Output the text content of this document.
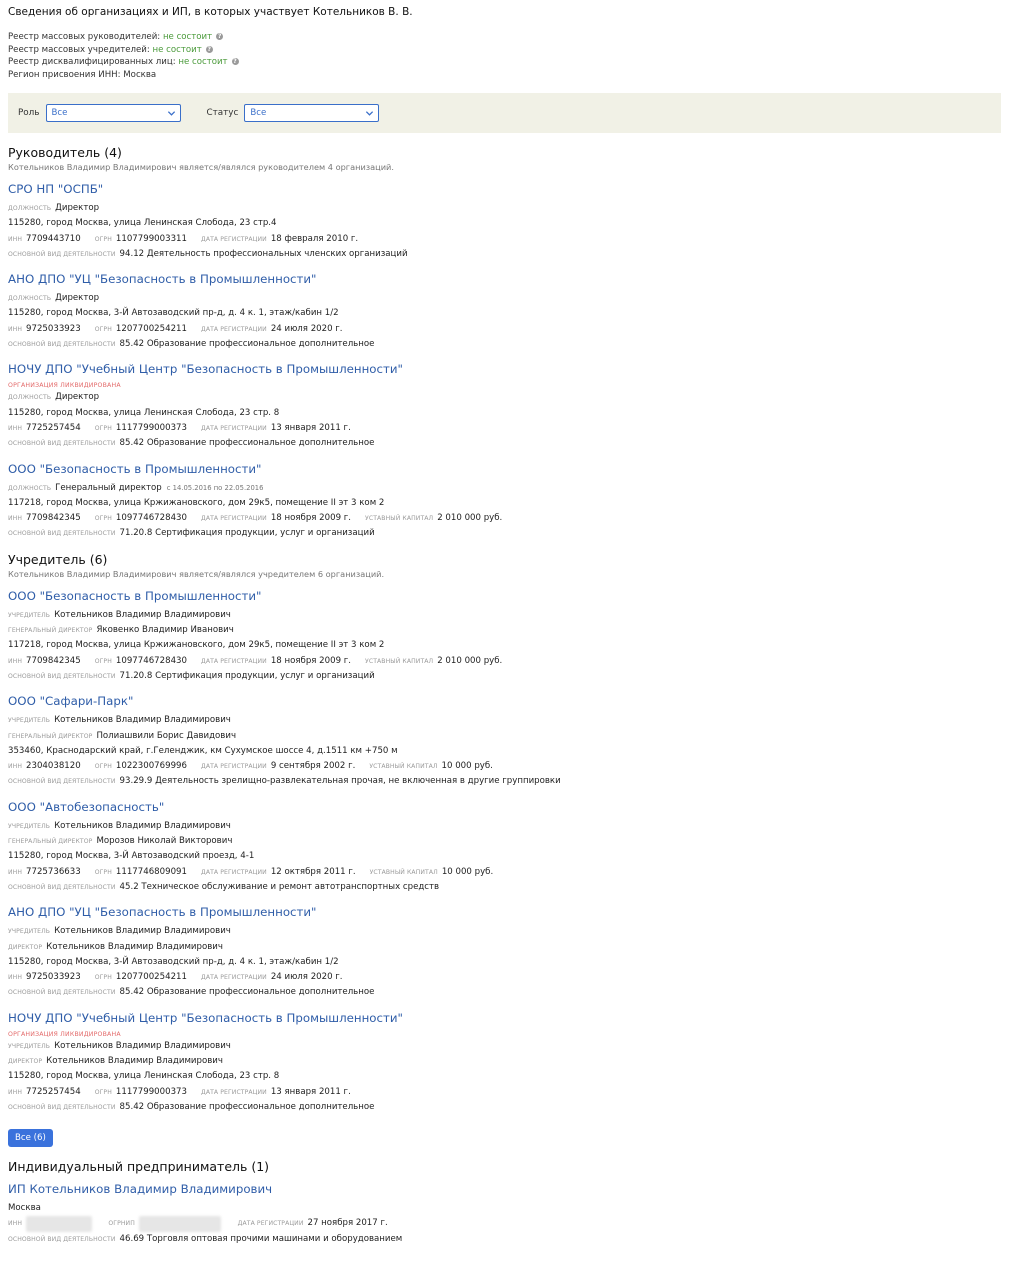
Сведения об организациях и ИП, в которых участвует Котельников В. В.
Реестр массовых руководителей: не состоит ?
Реестр массовых учредителей: не состоит ?
Реестр дисквалифицированных лиц: не состоит ?
Регион присвоения ИНН: Москва
Роль	Все	Статус	Все
Руководитель (4)
Котельников Владимир Владимирович является/являлся руководителем 4 организаций.
СРО НП "ОСПБ"
ДОЛЖНОСТЬ Директор
115280, город Москва, улица Ленинская Слобода, 23 стр.4
ИНН 7709443710 ОГРН 1107799003311 ДАТА РЕГИСТРАЦИИ 18 февраля 2010 г.
ОСНОВНОЙ ВИД ДЕЯТЕЛЬНОСТИ 94.12 Деятельность профессиональных членских организаций
АНО ДПО "УЦ "Безопасность в Промышленности"
ДОЛЖНОСТЬ Директор
115280, город Москва, 3-Й Автозаводский пр-д, д. 4 к. 1, этаж/кабин 1/2
ИНН 9725033923 ОГРН 1207700254211 ДАТА РЕГИСТРАЦИИ 24 июля 2020 г.
ОСНОВНОЙ ВИД ДЕЯТЕЛЬНОСТИ 85.42 Образование профессиональное дополнительное
НОЧУ ДПО "Учебный Центр "Безопасность в Промышленности"
ОРГАНИЗАЦИЯ ЛИКВИДИРОВАНА
ДОЛЖНОСТЬ Директор
115280, город Москва, улица Ленинская Слобода, 23 стр. 8
ИНН 7725257454 ОГРН 1117799000373 ДАТА РЕГИСТРАЦИИ 13 января 2011 г.
ОСНОВНОЙ ВИД ДЕЯТЕЛЬНОСТИ 85.42 Образование профессиональное дополнительное
ООО "Безопасность в Промышленности"
ДОЛЖНОСТЬ Генеральный директор с 14.05.2016 по 22.05.2016
117218, город Москва, улица Кржижановского, дом 29к5, помещение II эт 3 ком 2
ИНН 7709842345 ОГРН 1097746728430 ДАТА РЕГИСТРАЦИИ 18 ноября 2009 г. УСТАВНЫЙ КАПИТАЛ 2 010 000 руб.
ОСНОВНОЙ ВИД ДЕЯТЕЛЬНОСТИ 71.20.8 Сертификация продукции, услуг и организаций
Учредитель (6)
Котельников Владимир Владимирович является/являлся учредителем 6 организаций.
ООО "Безопасность в Промышленности"
УЧРЕДИТЕЛЬ Котельников Владимир Владимирович
ГЕНЕРАЛЬНЫЙ ДИРЕКТОР Яковенко Владимир Иванович
117218, город Москва, улица Кржижановского, дом 29к5, помещение II эт 3 ком 2
ИНН 7709842345 ОГРН 1097746728430 ДАТА РЕГИСТРАЦИИ 18 ноября 2009 г. УСТАВНЫЙ КАПИТАЛ 2 010 000 руб.
ОСНОВНОЙ ВИД ДЕЯТЕЛЬНОСТИ 71.20.8 Сертификация продукции, услуг и организаций
ООО "Сафари-Парк"
УЧРЕДИТЕЛЬ Котельников Владимир Владимирович
ГЕНЕРАЛЬНЫЙ ДИРЕКТОР Полиашвили Борис Давидович
353460, Краснодарский край, г.Геленджик, км Сухумское шоссе 4, д.1511 км +750 м
ИНН 2304038120 ОГРН 1022300769996 ДАТА РЕГИСТРАЦИИ 9 сентября 2002 г. УСТАВНЫЙ КАПИТАЛ 10 000 руб.
ОСНОВНОЙ ВИД ДЕЯТЕЛЬНОСТИ 93.29.9 Деятельность зрелищно-развлекательная прочая, не включенная в другие группировки
ООО "Автобезопасность"
УЧРЕДИТЕЛЬ Котельников Владимир Владимирович
ГЕНЕРАЛЬНЫЙ ДИРЕКТОР Морозов Николай Викторович
115280, город Москва, 3-Й Автозаводский проезд, 4-1
ИНН 7725736633 ОГРН 1117746809091 ДАТА РЕГИСТРАЦИИ 12 октября 2011 г. УСТАВНЫЙ КАПИТАЛ 10 000 руб.
ОСНОВНОЙ ВИД ДЕЯТЕЛЬНОСТИ 45.2 Техническое обслуживание и ремонт автотранспортных средств
АНО ДПО "УЦ "Безопасность в Промышленности"
УЧРЕДИТЕЛЬ Котельников Владимир Владимирович
ДИРЕКТОР Котельников Владимир Владимирович
115280, город Москва, 3-Й Автозаводский пр-д, д. 4 к. 1, этаж/кабин 1/2
ИНН 9725033923 ОГРН 1207700254211 ДАТА РЕГИСТРАЦИИ 24 июля 2020 г.
ОСНОВНОЙ ВИД ДЕЯТЕЛЬНОСТИ 85.42 Образование профессиональное дополнительное
НОЧУ ДПО "Учебный Центр "Безопасность в Промышленности"
ОРГАНИЗАЦИЯ ЛИКВИДИРОВАНА
УЧРЕДИТЕЛЬ Котельников Владимир Владимирович
ДИРЕКТОР Котельников Владимир Владимирович
115280, город Москва, улица Ленинская Слобода, 23 стр. 8
ИНН 7725257454 ОГРН 1117799000373 ДАТА РЕГИСТРАЦИИ 13 января 2011 г.
ОСНОВНОЙ ВИД ДЕЯТЕЛЬНОСТИ 85.42 Образование профессиональное дополнительное
Все (6)
Индивидуальный предприниматель (1)
ИП Котельников Владимир Владимирович
Москва
ИНН	ОГРНИП	ДАТА РЕГИСТРАЦИИ 27 ноября 2017 г.
ОСНОВНОЙ ВИД ДЕЯТЕЛЬНОСТИ 46.69 Торговля оптовая прочими машинами и оборудованием
